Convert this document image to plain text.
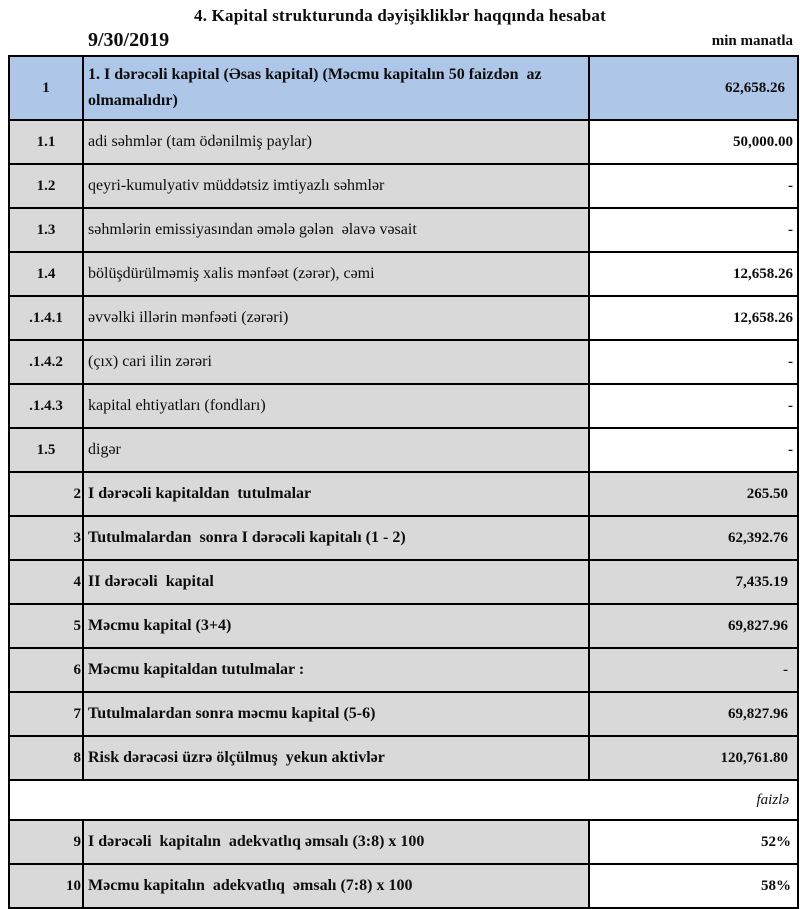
4. Kapital strukturunda dəyişikliklər haqqında hesabat
9/30/2019	min manatla
1	1. I dərəcəli kapital (Əsas kapital) (Məcmu kapitalın 50 faizdən  az olmamalıdır)	62,658.26
1.1	adi səhmlər (tam ödənilmiş paylar)	50,000.00
1.2	qeyri-kumulyativ müddətsiz imtiyazlı səhmlər	-
1.3	səhmlərin emissiyasından əmələ gələn  əlavə vəsait	-
1.4	bölüşdürülməmiş xalis mənfəət (zərər), cəmi	12,658.26
.1.4.1	əvvəlki illərin mənfəəti (zərəri)	12,658.26
.1.4.2	(çıx) cari ilin zərəri	-
.1.4.3	kapital ehtiyatları (fondları)	-
1.5	digər	-
2	I dərəcəli kapitaldan  tutulmalar	265.50
3	Tutulmalardan  sonra I dərəcəli kapitalı (1 - 2)	62,392.76
4	II dərəcəli  kapital	7,435.19
5	Məcmu kapital (3+4)	69,827.96
6	Məcmu kapitaldan tutulmalar :	-
7	Tutulmalardan sonra məcmu kapital (5-6)	69,827.96
8	Risk dərəcəsi üzrə ölçülmuş  yekun aktivlər	120,761.80
faizlə		
9	I dərəcəli  kapitalın  adekvatlıq əmsalı (3:8) x 100	52%
10	Məcmu kapitalın  adekvatlıq  əmsalı (7:8) x 100	58%
